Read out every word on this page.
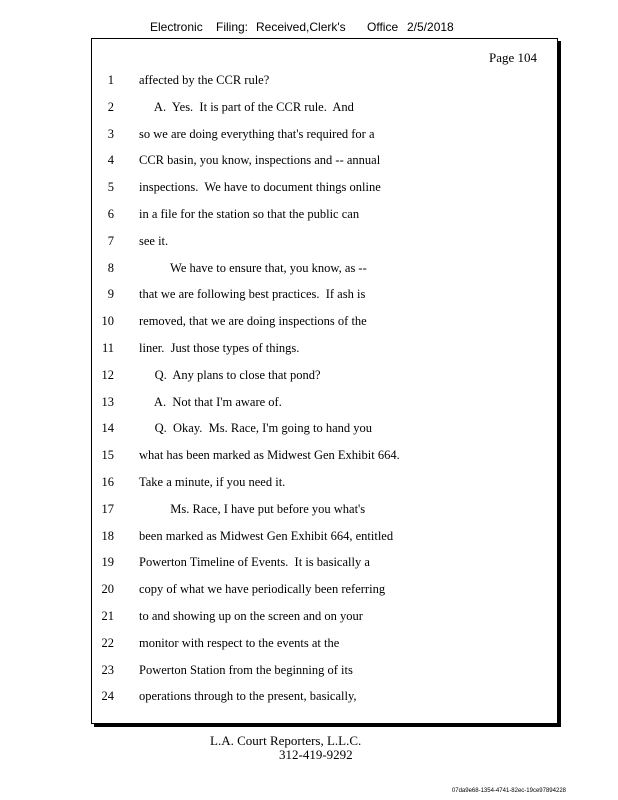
Electronic Filing: Received,Clerk's Office 2/5/2018
Page 104
1 affected by the CCR rule?
2 A.  Yes.  It is part of the CCR rule.  And
3 so we are doing everything that's required for a
4 CCR basin, you know, inspections and -- annual
5 inspections.  We have to document things online
6 in a file for the station so that the public can
7 see it.
8 We have to ensure that, you know, as --
9 that we are following best practices.  If ash is
10 removed, that we are doing inspections of the
11 liner.  Just those types of things.
12 Q.  Any plans to close that pond?
13 A.  Not that I'm aware of.
14 Q.  Okay.  Ms. Race, I'm going to hand you
15 what has been marked as Midwest Gen Exhibit 664.
16 Take a minute, if you need it.
17 Ms. Race, I have put before you what's
18 been marked as Midwest Gen Exhibit 664, entitled
19 Powerton Timeline of Events.  It is basically a
20 copy of what we have periodically been referring
21 to and showing up on the screen and on your
22 monitor with respect to the events at the
23 Powerton Station from the beginning of its
24 operations through to the present, basically,
L.A. Court Reporters, L.L.C.
312-419-9292
07da9e68-1354-4741-82ec-19ce97894228
